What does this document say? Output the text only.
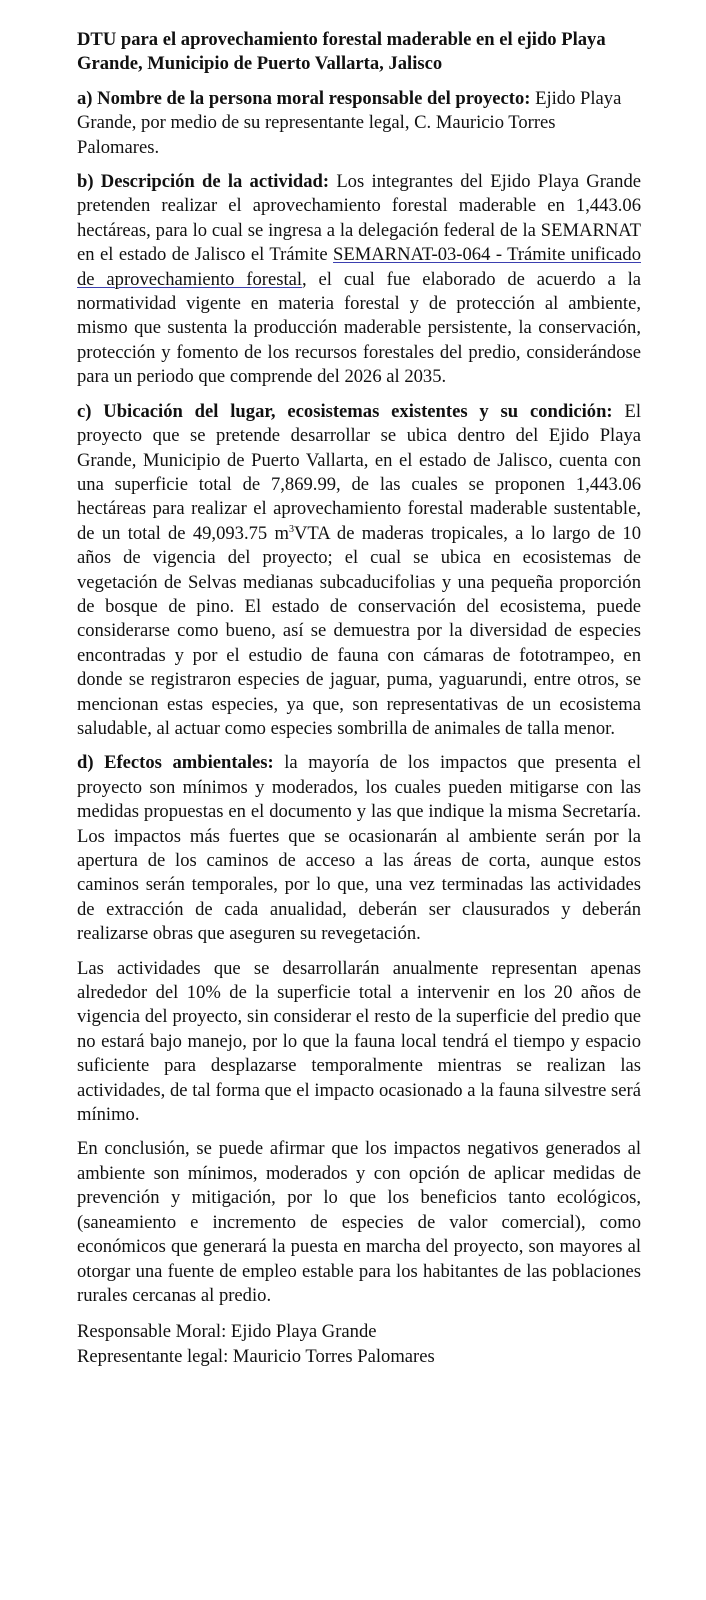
DTU para el aprovechamiento forestal maderable en el ejido Playa Grande, Municipio de Puerto Vallarta, Jalisco

a) Nombre de la persona moral responsable del proyecto: Ejido Playa Grande, por medio de su representante legal, C. Mauricio Torres Palomares.

b) Descripción de la actividad: Los integrantes del Ejido Playa Grande pretenden realizar el aprovechamiento forestal maderable en 1,443.06 hectáreas, para lo cual se ingresa a la delegación federal de la SEMARNAT en el estado de Jalisco el Trámite SEMARNAT-03-064 - Trámite unificado de aprovechamiento forestal, el cual fue elaborado de acuerdo a la normatividad vigente en materia forestal y de protección al ambiente, mismo que sustenta la producción maderable persistente, la conservación, protección y fomento de los recursos forestales del predio, considerándose para un periodo que comprende del 2026 al 2035.

c) Ubicación del lugar, ecosistemas existentes y su condición: El proyecto que se pretende desarrollar se ubica dentro del Ejido Playa Grande, Municipio de Puerto Vallarta, en el estado de Jalisco, cuenta con una superficie total de 7,869.99, de las cuales se proponen 1,443.06 hectáreas para realizar el aprovechamiento forestal maderable sustentable, de un total de 49,093.75 $m^3VTA$ de maderas tropicales, a lo largo de 10 años de vigencia del proyecto; el cual se ubica en ecosistemas de vegetación de Selvas medianas subcaducifolias y una pequeña proporción de bosque de pino. El estado de conservación del ecosistema, puede considerarse como bueno, así se demuestra por la diversidad de especies encontradas y por el estudio de fauna con cámaras de fototrampeo, en donde se registraron especies de jaguar, puma, yaguarundi, entre otros, se mencionan estas especies, ya que, son representativas de un ecosistema saludable, al actuar como especies sombrilla de animales de talla menor.

d) Efectos ambientales: la mayoría de los impactos que presenta el proyecto son mínimos y moderados, los cuales pueden mitigarse con las medidas propuestas en el documento y las que indique la misma Secretaría. Los impactos más fuertes que se ocasionarán al ambiente serán por la apertura de los caminos de acceso a las áreas de corta, aunque estos caminos serán temporales, por lo que, una vez terminadas las actividades de extracción de cada anualidad, deberán ser clausurados y deberán realizarse obras que aseguren su revegetación.

Las actividades que se desarrollarán anualmente representan apenas alrededor del 10% de la superficie total a intervenir en los 20 años de vigencia del proyecto, sin considerar el resto de la superficie del predio que no estará bajo manejo, por lo que la fauna local tendrá el tiempo y espacio suficiente para desplazarse temporalmente mientras se realizan las actividades, de tal forma que el impacto ocasionado a la fauna silvestre será mínimo.

En conclusión, se puede afirmar que los impactos negativos generados al ambiente son mínimos, moderados y con opción de aplicar medidas de prevención y mitigación, por lo que los beneficios tanto ecológicos, (saneamiento e incremento de especies de valor comercial), como económicos que generará la puesta en marcha del proyecto, son mayores al otorgar una fuente de empleo estable para los habitantes de las poblaciones rurales cercanas al predio.

Responsable Moral: Ejido Playa Grande
Representante legal: Mauricio Torres Palomares
